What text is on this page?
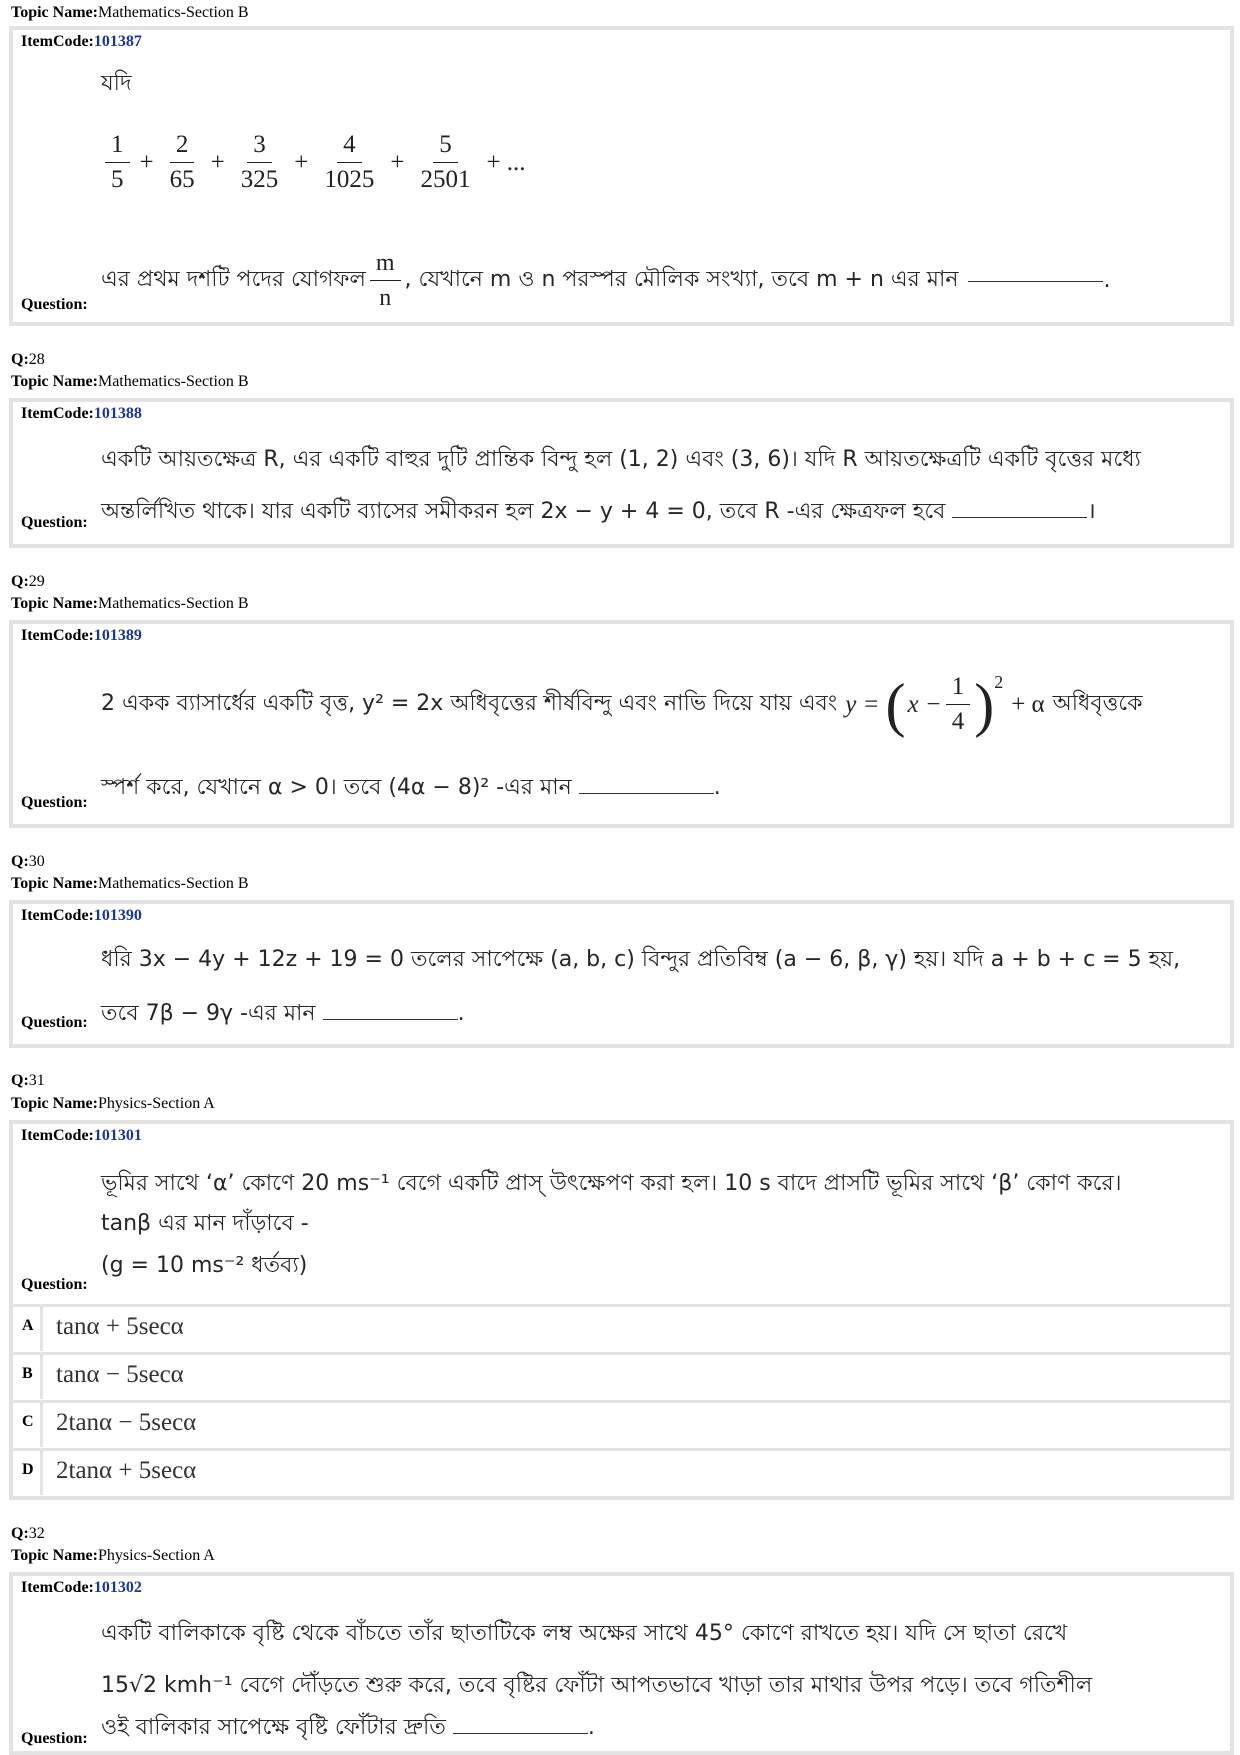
Topic Name:Mathematics-Section B
ItemCode:101387
যদি
$\frac{1}{5} + \frac{2}{65} + \frac{3}{325} + \frac{4}{1025} + \frac{5}{2501}$ + ...
এর প্রথম দশটি পদের যোগফল $\frac{m}{n}$ , যেখানে m ও n পরস্পর মৌলিক সংখ্যা, তবে m + n এর মান	.
Question:
Q:28
Topic Name:Mathematics-Section B
ItemCode:101388
একটি আয়তক্ষেত্র R, এর একটি বাহুর দুটি প্রান্তিক বিন্দু হল (1, 2) এবং (3, 6)। যদি R আয়তক্ষেত্রটি একটি বৃত্তের মধ্যে
অন্তর্লিখিত থাকে। যার একটি ব্যাসের সমীকরন হল 2x − y + 4 = 0, তবে R -এর ক্ষেত্রফল হবে	।
Question:
Q:29
Topic Name:Mathematics-Section B
ItemCode:101389
2 একক ব্যাসার্ধের একটি বৃত্ত, y² = 2x অধিবৃত্তের শীর্ষবিন্দু এবং নাভি দিয়ে যায় এবং y = ( $x - \frac{1}{4}$ ) 2
+ α অধিবৃত্তকে
স্পর্শ করে, যেখানে α > 0। তবে (4α − 8)² -এর মান	.
Question:
Q:30
Topic Name:Mathematics-Section B
ItemCode:101390
ধরি 3x − 4y + 12z + 19 = 0 তলের সাপেক্ষে (a, b, c) বিন্দুর প্রতিবিম্ব (a − 6, β, γ) হয়। যদি a + b + c = 5 হয়,
তবে 7β − 9γ -এর মান	.
Question:
Q:31
Topic Name:Physics-Section A
ItemCode:101301
ভূমির সাথে ‘α’ কোণে 20 ms⁻¹ বেগে একটি প্রাস্ উৎক্ষেপণ করা হল। 10 s বাদে প্রাসটি ভূমির সাথে ‘β’ কোণ করে।
tanβ এর মান দাঁড়াবে -
(g = 10 ms⁻² ধর্তব্য)
Question:
A tanα + 5secα
B tanα − 5secα
C 2tanα − 5secα
D 2tanα + 5secα
Q:32
Topic Name:Physics-Section A
ItemCode:101302
একটি বালিকাকে বৃষ্টি থেকে বাঁচতে তাঁর ছাতাটিকে লম্ব অক্ষের সাথে 45° কোণে রাখতে হয়। যদি সে ছাতা রেখে
15√2 kmh⁻¹ বেগে দৌঁড়তে শুরু করে, তবে বৃষ্টির ফোঁটা আপতভাবে খাড়া তার মাথার উপর পড়ে। তবে গতিশীল
ওই বালিকার সাপেক্ষে বৃষ্টি ফোঁটার দ্রুতি	.
Question:
